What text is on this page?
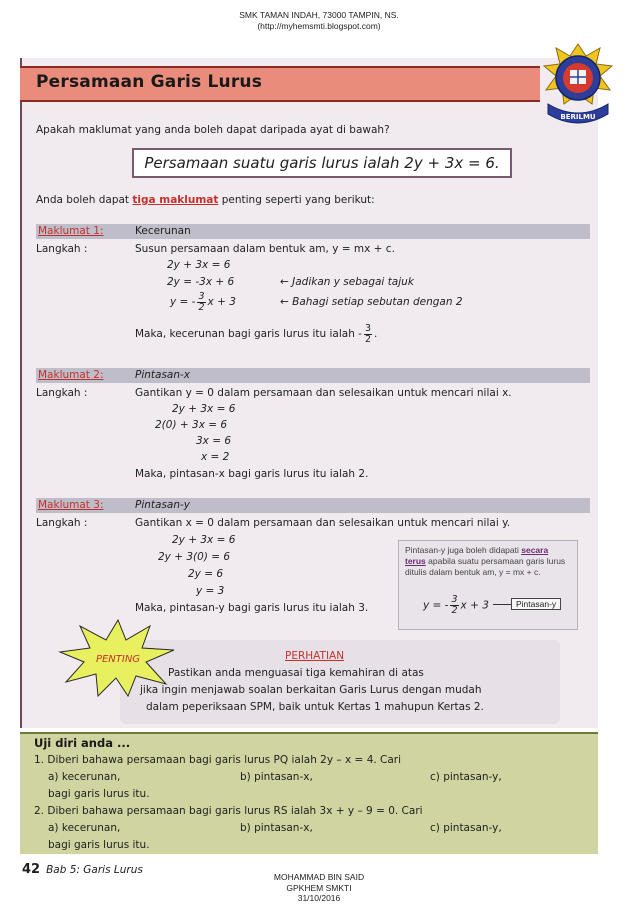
SMK TAMAN INDAH, 73000 TAMPIN, NS.
(http://myhemsmti.blogspot.com)
Persamaan Garis Lurus
BERILMU
Apakah maklumat yang anda boleh dapat daripada ayat di bawah?
Persamaan suatu garis lurus ialah 2y + 3x = 6.
Anda boleh dapat tiga maklumat penting seperti yang berikut:
Maklumat 1:	Kecerunan
Langkah :	Susun persamaan dalam bentuk am, y = mx + c.
2y + 3x = 6
2y = -3x + 6	← Jadikan y sebagai tajuk
y = - $\frac{3}{2}$ x + 3	← Bahagi setiap sebutan dengan 2
Maka, kecerunan bagi garis lurus itu ialah - $\frac{3}{2}$ .
Maklumat 2:	Pintasan-x
Langkah :	Gantikan y = 0 dalam persamaan dan selesaikan untuk mencari nilai x.
2y + 3x = 6
2(0) + 3x = 6
3x = 6
x = 2
Maka, pintasan-x bagi garis lurus itu ialah 2.
Maklumat 3:	Pintasan-y
Langkah :	Gantikan x = 0 dalam persamaan dan selesaikan untuk mencari nilai y.
2y + 3x = 6
2y + 3(0) = 6
2y = 6
y = 3
Maka, pintasan-y bagi garis lurus itu ialah 3.
Pintasan-y juga boleh didapati secara terus apabila suatu persamaan garis lurus ditulis dalam bentuk am, y = mx + c.
y = - $\frac{3}{2}$ x + 3	Pintasan-y
PENTING	PERHATIAN
Pastikan anda menguasai tiga kemahiran di atas
jika ingin menjawab soalan berkaitan Garis Lurus dengan mudah
dalam peperiksaan SPM, baik untuk Kertas 1 mahupun Kertas 2.
Uji diri anda ...
1. Diberi bahawa persamaan bagi garis lurus PQ ialah 2y – x = 4. Cari
a) kecerunan,	b) pintasan-x,	c) pintasan-y,
bagi garis lurus itu.
2. Diberi bahawa persamaan bagi garis lurus RS ialah 3x + y – 9 = 0. Cari
a) kecerunan,	b) pintasan-x,	c) pintasan-y,
bagi garis lurus itu.
42 Bab 5: Garis Lurus
MOHAMMAD BIN SAID
GPKHEM SMKTI
31/10/2016
